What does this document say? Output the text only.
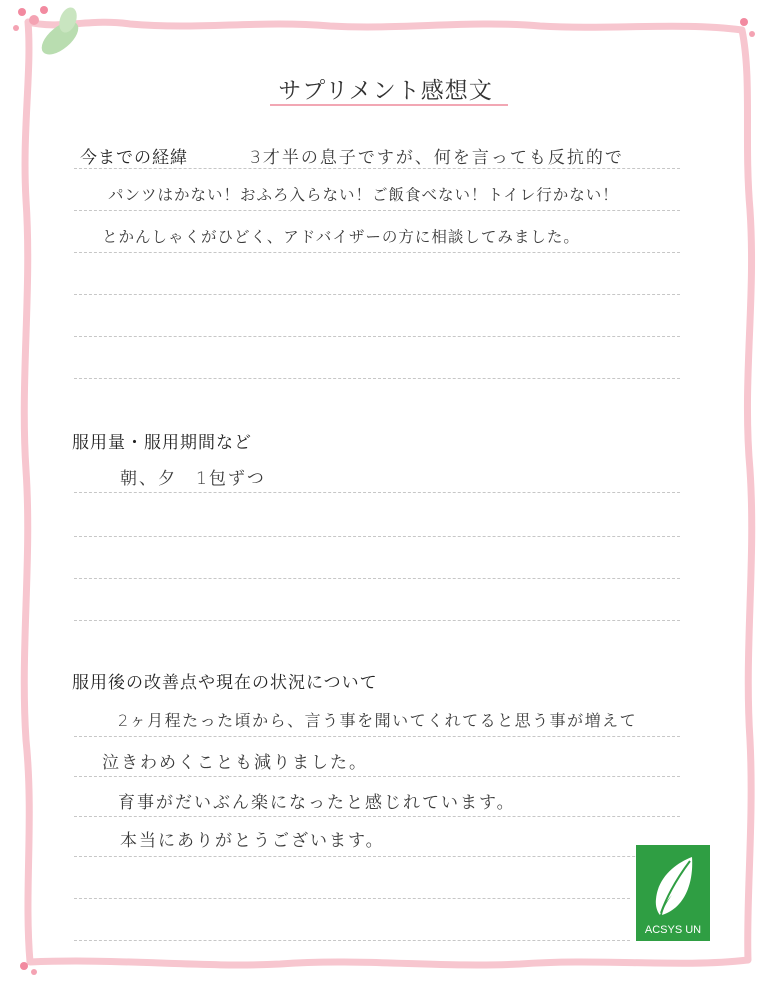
サプリメント感想文
今までの経緯	3才半の息子ですが、何を言っても反抗的で
パンツはかない！おふろ入らない！ご飯食べない！トイレ行かない！
とかんしゃくがひどく、アドバイザーの方に相談してみました。
服用量・服用期間など
朝、夕　1包ずつ
服用後の改善点や現在の状況について
2ヶ月程たった頃から、言う事を聞いてくれてると思う事が増えて
泣きわめくことも減りました。
育事がだいぶん楽になったと感じれています。
本当にありがとうございます。
ACSYS UN
